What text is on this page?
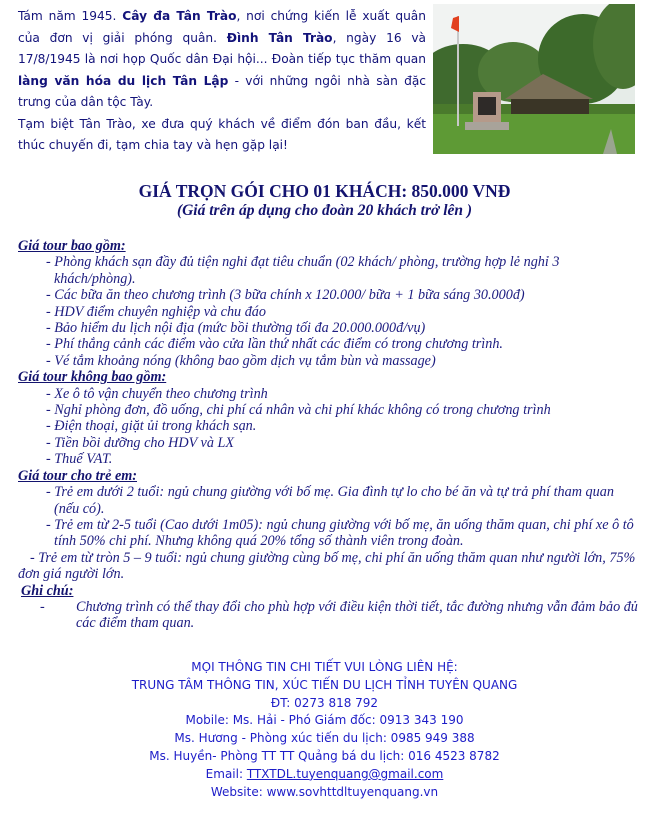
Tám năm 1945. Cây đa Tân Trào, nơi chứng kiến lễ xuất quân của đơn vị giải phóng quân. Đình Tân Trào, ngày 16 và 17/8/1945 là nơi họp Quốc dân Đại hội... Đoàn tiếp tục thăm quan làng văn hóa du lịch Tân Lập - với những ngôi nhà sàn đặc trưng của dân tộc Tày.

Tạm biệt Tân Trào, xe đưa quý khách về điểm đón ban đầu, kết thúc chuyến đi, tạm chia tay và hẹn gặp lại!

GIÁ TRỌN GÓI CHO 01 KHÁCH: 850.000 VNĐ
(Giá trên áp dụng cho đoàn 20 khách trở lên )
Giá tour bao gồm:
- Phòng khách sạn đầy đủ tiện nghi đạt tiêu chuẩn (02 khách/ phòng, trường hợp lẻ nghỉ 3 khách/phòng).
- Các bữa ăn theo chương trình (3 bữa chính x 120.000/ bữa + 1 bữa sáng 30.000đ)
- HDV điểm chuyên nghiệp và chu đáo
- Bảo hiểm du lịch nội địa (mức bồi thường tối đa 20.000.000đ/vụ)
- Phí thắng cảnh các điểm vào cửa lần thứ nhất các điểm có trong chương trình.
- Vé tắm khoảng nóng (không bao gồm dịch vụ tắm bùn và massage)
Giá tour không bao gồm:
- Xe ô tô vận chuyển theo chương trình
- Nghỉ phòng đơn, đồ uống, chi phí cá nhân và chi phí khác không có trong chương trình
- Điện thoại, giặt ủi trong khách sạn.
- Tiền bồi dưỡng cho HDV và LX
- Thuế VAT.
Giá tour cho trẻ em:
- Trẻ em dưới 2 tuổi: ngủ chung giường với bố mẹ. Gia đình tự lo cho bé ăn và tự trả phí tham quan (nếu có).
- Trẻ em từ 2-5 tuổi (Cao dưới 1m05): ngủ chung giường với bố mẹ, ăn uống thăm quan, chi phí xe ô tô tính 50% chi phí. Nhưng không quá 20% tổng số thành viên trong đoàn.
- Trẻ em từ tròn 5 – 9 tuổi: ngủ chung giường cùng bố mẹ, chi phí ăn uống thăm quan như người lớn, 75% đơn giá người lớn.
Ghi chú:
- Chương trình có thể thay đổi cho phù hợp với điều kiện thời tiết, tắc đường nhưng vẫn đảm bảo đủ các điểm tham quan.
MỌI THÔNG TIN CHI TIẾT VUI LÒNG LIÊN HỆ:
TRUNG TÂM THÔNG TIN, XÚC TIẾN DU LỊCH TỈNH TUYÊN QUANG
ĐT: 0273 818 792
Mobile: Ms. Hải - Phó Giám đốc: 0913 343 190
Ms. Hương - Phòng xúc tiến du lịch: 0985 949 388
Ms. Huyền- Phòng TT TT Quảng bá du lịch: 016 4523 8782
Email: TTXTDL.tuyenquang@gmail.com
Website: www.sovhttdltuyenquang.vn
